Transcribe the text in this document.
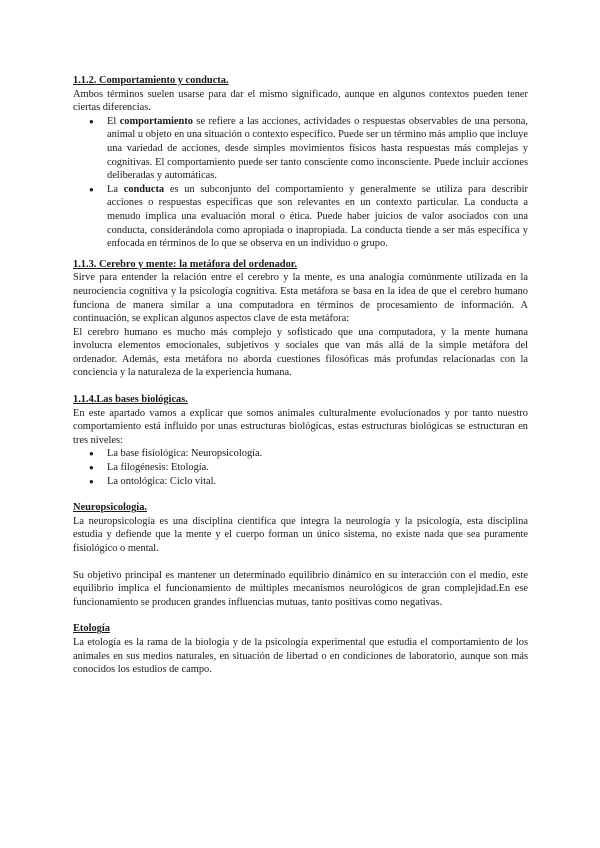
1.1.2. Comportamiento y conducta.

Ambos términos suelen usarse para dar el mismo significado, aunque en algunos contextos pueden tener ciertas diferencias.

● El comportamiento se refiere a las acciones, actividades o respuestas observables de una persona, animal u objeto en una situación o contexto específico. Puede ser un término más amplio que incluye una variedad de acciones, desde simples movimientos físicos hasta respuestas más complejas y cognitivas. El comportamiento puede ser tanto consciente como inconsciente. Puede incluir acciones deliberadas y automáticas.
● La conducta es un subconjunto del comportamiento y generalmente se utiliza para describir acciones o respuestas específicas que son relevantes en un contexto particular. La conducta a menudo implica una evaluación moral o ética. Puede haber juicios de valor asociados con una conducta, considerándola como apropiada o inapropiada. La conducta tiende a ser más específica y enfocada en términos de lo que se observa en un individuo o grupo.
1.1.3. Cerebro y mente: la metáfora del ordenador.

Sirve para entender la relación entre el cerebro y la mente, es una analogía comúnmente utilizada en la neurociencia cognitiva y la psicología cognitiva. Esta metáfora se basa en la idea de que el cerebro humano funciona de manera similar a una computadora en términos de procesamiento de información. A continuación, se explican algunos aspectos clave de esta metáfora:

El cerebro humano es mucho más complejo y sofisticado que una computadora, y la mente humana involucra elementos emocionales, subjetivos y sociales que van más allá de la simple metáfora del ordenador. Además, esta metáfora no aborda cuestiones filosóficas más profundas relacionadas con la conciencia y la naturaleza de la experiencia humana.

1.1.4.Las bases biológicas.

En este apartado vamos a explicar que somos animales culturalmente evolucionados y por tanto nuestro comportamiento está influido por unas estructuras biológicas, estas estructuras biológicas se estructuran en tres niveles:

● La base fisiológica: Neuropsicología.
● La filogénesis: Etología.
● La ontológica: Ciclo vital.
Neuropsicología.

La neuropsicología es una disciplina científica que integra la neurología y la psicología, esta disciplina estudia y defiende que la mente y el cuerpo forman un único sistema, no existe nada que sea puramente fisiológico o mental.

Su objetivo principal es mantener un determinado equilibrio dinámico en su interacción con el medio, este equilibrio implica el funcionamiento de múltiples mecanismos neurológicos de gran complejidad.En ese funcionamiento se producen grandes influencias mutuas, tanto positivas como negativas.

Etología

La etología es la rama de la biología y de la psicología experimental que estudia el comportamiento de los animales en sus medios naturales, en situación de libertad o en condiciones de laboratorio, aunque son más conocidos los estudios de campo.
